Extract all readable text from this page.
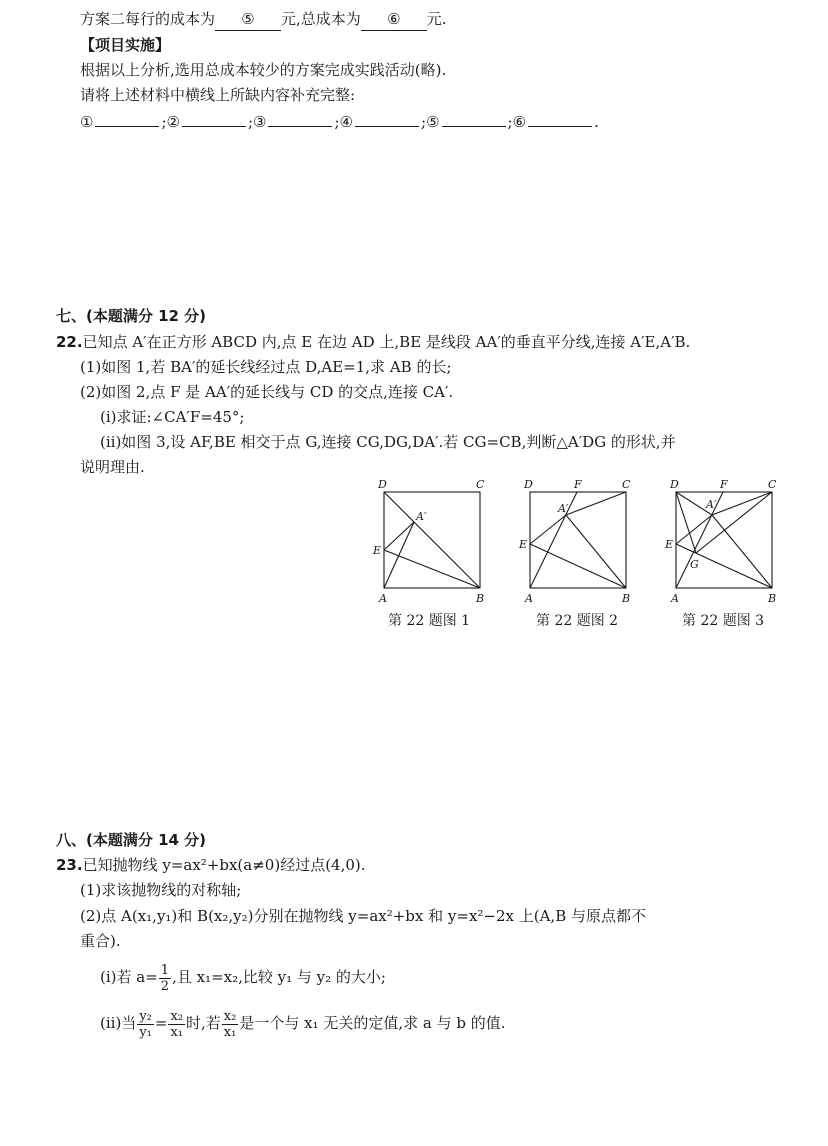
方案二每行的成本为 ⑤ 元,总成本为 ⑥ 元.
【项目实施】
根据以上分析,选用总成本较少的方案完成实践活动(略).
请将上述材料中横线上所缺内容补充完整:
①	;②	;③	;④	;⑤	;⑥	.
七、(本题满分 12 分)
22.已知点 A′在正方形 ABCD 内,点 E 在边 AD 上,BE 是线段 AA′的垂直平分线,连接 A′E,A′B.
(1)如图 1,若 BA′的延长线经过点 D,AE=1,求 AB 的长;
(2)如图 2,点 F 是 AA′的延长线与 CD 的交点,连接 CA′.
(ⅰ)求证:∠CA′F=45°;
(ⅱ)如图 3,设 AF,BE 相交于点 G,连接 CG,DG,DA′.若 CG=CB,判断△A′DG 的形状,并
说明理由.
D	C
A′
E
A	B
D	F	C
A′
E
A	B
D	F	C
A′
E
G
A	B
第 22 题图 1	第 22 题图 2	第 22 题图 3
八、(本题满分 14 分)
23.已知抛物线 y=ax²+bx(a≠0)经过点(4,0).
(1)求该抛物线的对称轴;
(2)点 A(x₁,y₁)和 B(x₂,y₂)分别在抛物线 y=ax²+bx 和 y=x²−2x 上(A,B 与原点都不
重合).
(ⅰ)若 $a= \frac{1}{2}$ ,且 x₁=x₂,比较 y₁ 与 y₂ 的大小;
(ⅱ)当 $\frac{\text{y₂}}{\text{y₁}} = \frac{\text{x₂}}{\text{x₁}}$ 时,若 $\frac{\text{x₂}}{\text{x₁}}$ 是一个与 x₁ 无关的定值,求 a 与 b 的值.
